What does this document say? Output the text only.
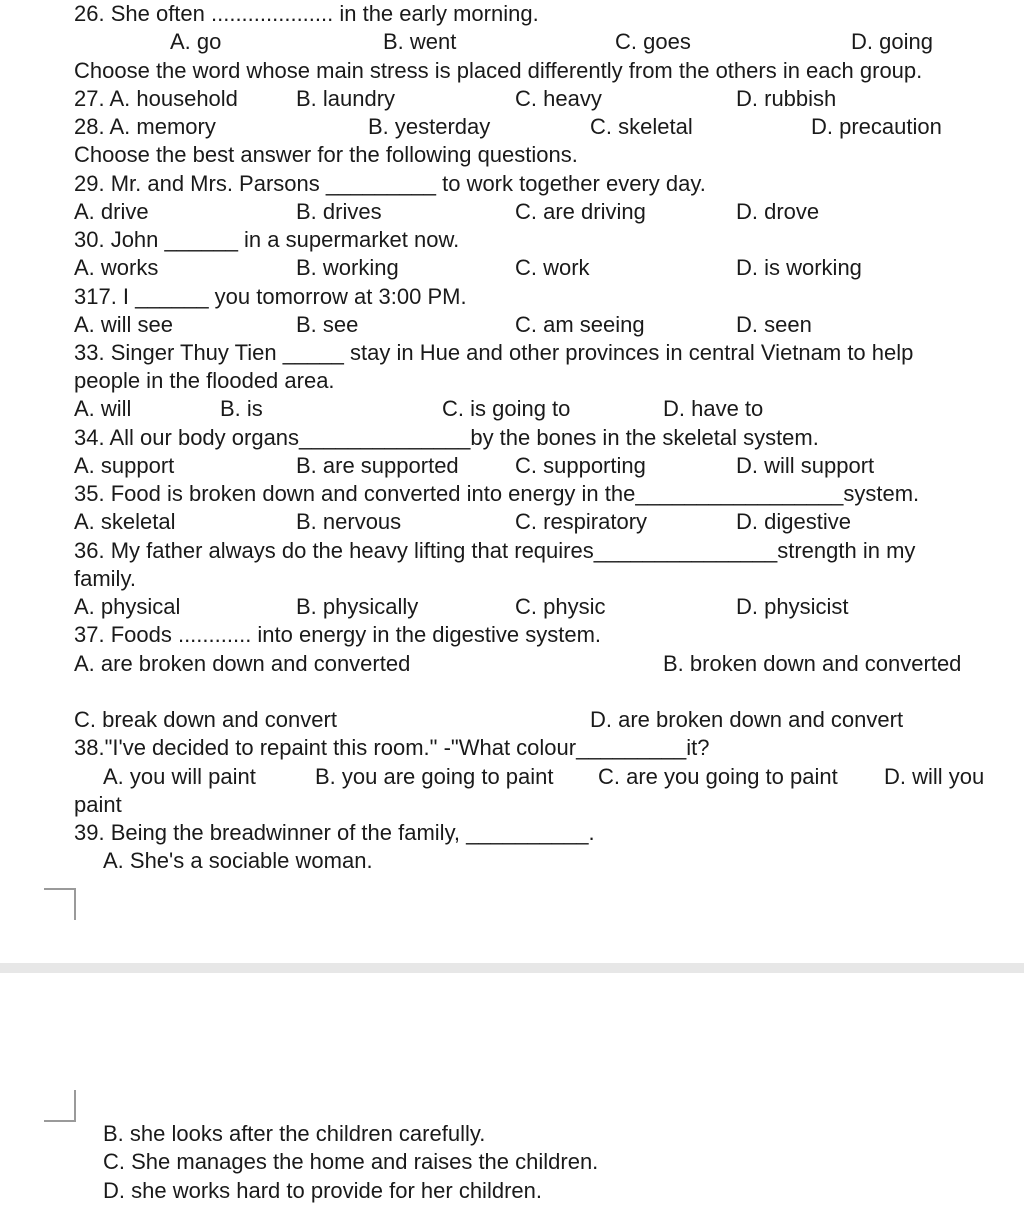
26. She often .................... in the early morning.
A. go	B. went	C. goes	D. going
Choose the word whose main stress is placed differently from the others in each group.
27. A. household	B. laundry	C. heavy	D. rubbish
28. A. memory	B. yesterday	C. skeletal	D. precaution
Choose the best answer for the following questions.
29. Mr. and Mrs. Parsons _________ to work together every day.
A. drive	B. drives	C. are driving	D. drove
30. John ______ in a supermarket now.
A. works	B. working	C. work	D. is working
317. I ______ you tomorrow at 3:00 PM.
A. will see	B. see	C. am seeing	D. seen
33. Singer Thuy Tien _____ stay in Hue and other provinces in central Vietnam to help
people in the flooded area.
A. will	B. is	C. is going to	D. have to
34. All our body organs______________by the bones in the skeletal system.
A. support	B. are supported	C. supporting	D. will support
35. Food is broken down and converted into energy in the_________________system.
A. skeletal	B. nervous	C. respiratory	D. digestive
36. My father always do the heavy lifting that requires_______________strength in my
family.
A. physical	B. physically	C. physic	D. physicist
37. Foods ............ into energy in the digestive system.
A. are broken down and converted	B. broken down and converted
C. break down and convert	D. are broken down and convert
38."I've decided to repaint this room." -"What colour_________it?
A. you will paint	B. you are going to paint C. are you going to paint D. will you
paint
39. Being the breadwinner of the family, __________.
A. She's a sociable woman.
B. she looks after the children carefully.
C. She manages the home and raises the children.
D. she works hard to provide for her children.
